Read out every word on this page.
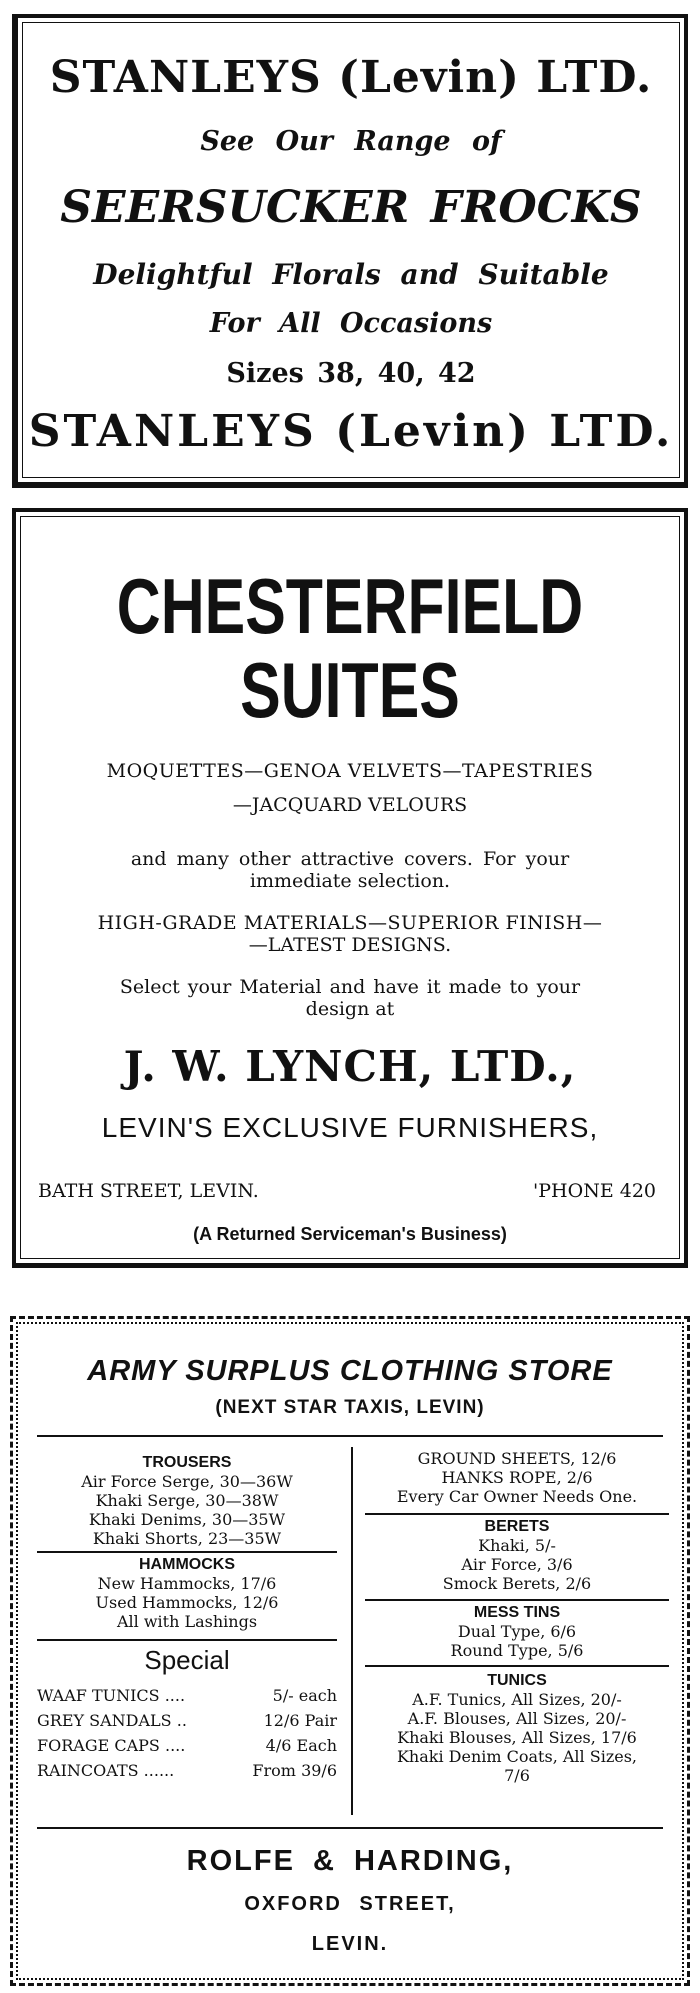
STANLEYS (Levin) LTD.
See Our Range of
SEERSUCKER FROCKS
Delightful Florals and Suitable
For All Occasions
Sizes 38, 40, 42
STANLEYS (Levin) LTD.
CHESTERFIELD
SUITES
MOQUETTES—GENOA VELVETS—TAPESTRIES
—JACQUARD VELOURS
and many other attractive covers. For your
immediate selection.
HIGH-GRADE MATERIALS—SUPERIOR FINISH—
—LATEST DESIGNS.
Select your Material and have it made to your
design at
J. W. LYNCH, LTD.,
LEVIN'S EXCLUSIVE FURNISHERS,
BATH STREET, LEVIN.	'PHONE 420
(A Returned Serviceman's Business)
ARMY SURPLUS CLOTHING STORE
(NEXT STAR TAXIS, LEVIN)
TROUSERS
Air Force Serge, 30—36W
Khaki Serge, 30—38W
Khaki Denims, 30—35W
Khaki Shorts, 23—35W
HAMMOCKS
New Hammocks, 17/6
Used Hammocks, 12/6
All with Lashings
Special
WAAF TUNICS ....	5/- each
GREY SANDALS ..	12/6 Pair
FORAGE CAPS ....	4/6 Each
RAINCOATS ......	From 39/6
GROUND SHEETS, 12/6
HANKS ROPE, 2/6
Every Car Owner Needs One.
BERETS
Khaki, 5/-
Air Force, 3/6
Smock Berets, 2/6
MESS TINS
Dual Type, 6/6
Round Type, 5/6
TUNICS
A.F. Tunics, All Sizes, 20/-
A.F. Blouses, All Sizes, 20/-
Khaki Blouses, All Sizes, 17/6
Khaki Denim Coats, All Sizes,
7/6
ROLFE & HARDING,
OXFORD STREET,
LEVIN.
